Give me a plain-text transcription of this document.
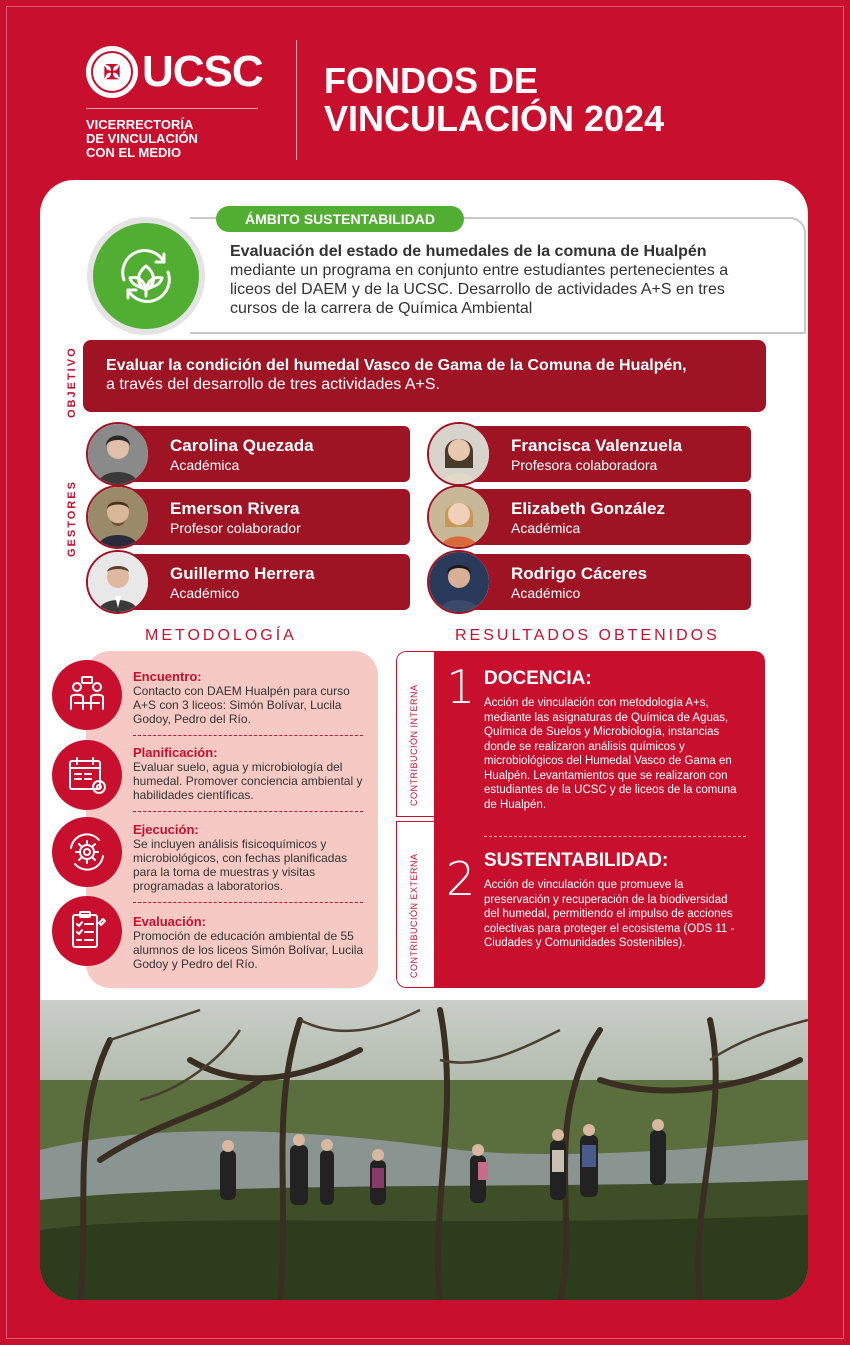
✠ UCSC
VICERRECTORÍA
DE VINCULACIÓN
CON EL MEDIO
FONDOS DE
VINCULACIÓN 2024
ÁMBITO SUSTENTABILIDAD
Evaluación del estado de humedales de la comuna de Hualpén mediante un programa en conjunto entre estudiantes pertenecientes a liceos del DAEM y de la UCSC. Desarrollo de actividades A+S en tres cursos de la carrera de Química Ambiental
OBJETIVO Evaluar la condición del humedal Vasco de Gama de la Comuna de Hualpén,
a través del desarrollo de tres actividades A+S.
GESTORES
Carolina Quezada
Académica
Francisca Valenzuela
Profesora colaboradora
Emerson Rivera
Profesor colaborador
Elizabeth González
Académica
Guillermo Herrera
Académico
Rodrigo Cáceres
Académico
METODOLOGÍA	RESULTADOS OBTENIDOS
Encuentro:
Contacto con DAEM Hualpén para curso A+S con 3 liceos: Simón Bolívar, Lucila Godoy, Pedro del Río.
Planificación:
Evaluar suelo, agua y microbiología del humedal. Promover conciencia ambiental y habilidades científicas.
Ejecución:
Se incluyen análisis fisicoquímicos y microbiológicos, con fechas planificadas para la toma de muestras y visitas programadas a laboratorios.
Evaluación:
Promoción de educación ambiental de 55 alumnos de los liceos Simón Bolívar, Lucila Godoy y Pedro del Río.
CONTRIBUCIÓN INTERNA
CONTRIBUCIÓN EXTERNA
1 DOCENCIA:
Acción de vinculación con metodología A+s, mediante las asignaturas de Química de Aguas, Química de Suelos y Microbiología, instancias donde se realizaron análisis químicos y microbiológicos del Humedal Vasco de Gama en Hualpén. Levantamientos que se realizaron con estudiantes de la UCSC y de liceos de la comuna de Hualpén.
2 SUSTENTABILIDAD:
Acción de vinculación que promueve la preservación y recuperación de la biodiversidad del humedal, permitiendo el impulso de acciones colectivas para proteger el ecosistema (ODS 11 - Ciudades y Comunidades Sostenibles).
